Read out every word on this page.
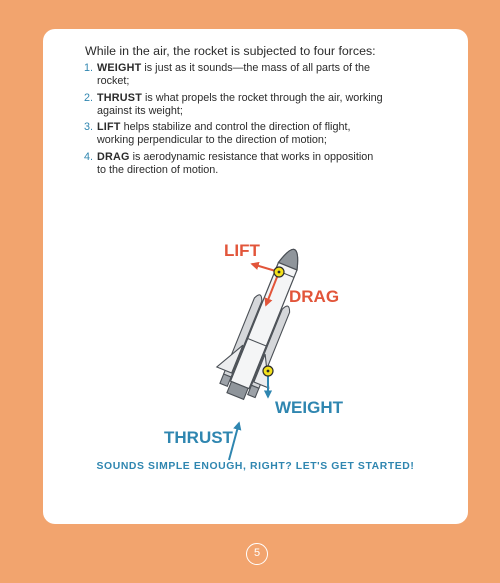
While in the air, the rocket is subjected to four forces:
1. WEIGHT is just as it sounds—the mass of all parts of the rocket;
2. THRUST is what propels the rocket through the air, working against its weight;
3. LIFT helps stabilize and control the direction of flight, working perpendicular to the direction of motion;
4. DRAG is aerodynamic resistance that works in opposition to the direction of motion.
LIFT
DRAG
WEIGHT
THRUST
SOUNDS SIMPLE ENOUGH, RIGHT? LET'S GET STARTED!
5
